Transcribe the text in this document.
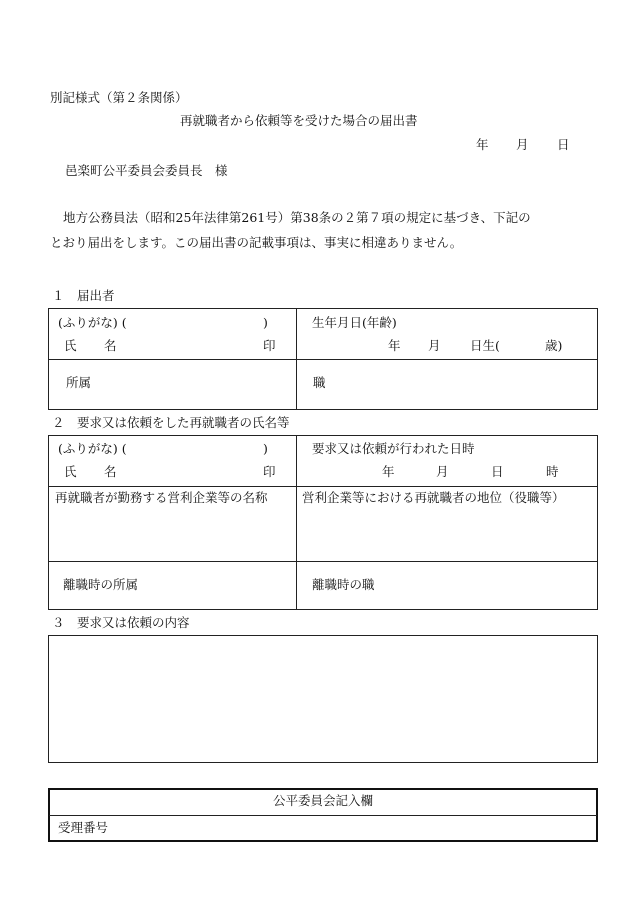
別記様式（第２条関係）
再就職者から依頼等を受けた場合の届出書
年 月 日
邑楽町公平委員会委員長　様
地方公務員法（昭和25年法律第261号）第38条の２第７項の規定に基づき、下記の
とおり届出をします。この届出書の記載事項は、事実に相違ありません。
１　届出者
(ふりがな) (	)
氏 名	印
生年月日(年齢)
年 月 日生(	歳)
所属	職
２　要求又は依頼をした再就職者の氏名等
(ふりがな) (	)
氏 名	印
要求又は依頼が行われた日時
年	月	日	時
再就職者が勤務する営利企業等の名称	営利企業等における再就職者の地位（役職等）
離職時の所属	離職時の職
３　要求又は依頼の内容
公平委員会記入欄
受理番号
